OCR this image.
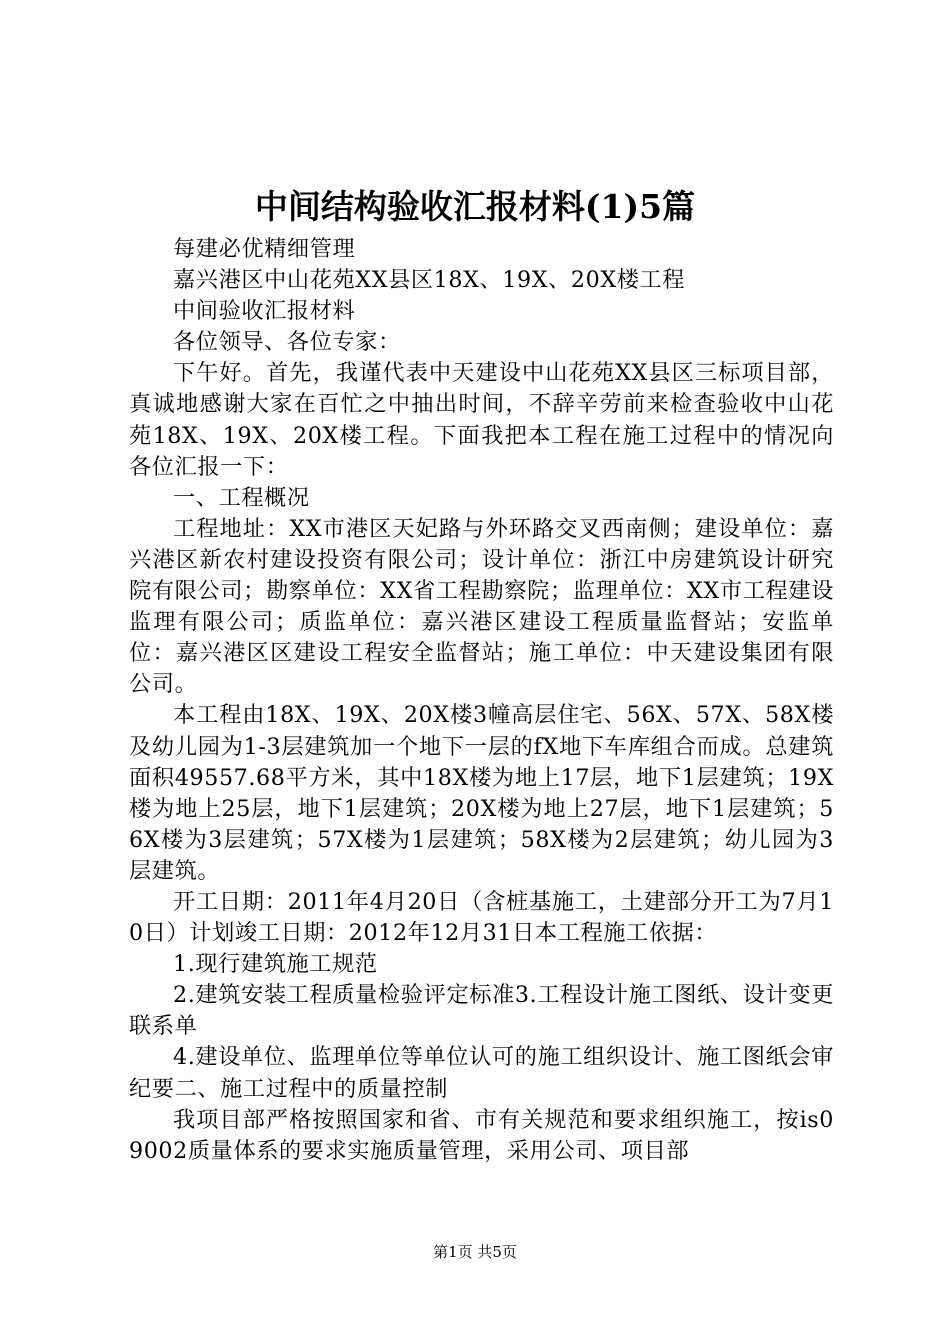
中间结构验收汇报材料(1)5篇

每建必优精细管理

嘉兴港区中山花苑XX县区18X、19X、20X楼工程

中间验收汇报材料

各位领导、各位专家：

下午好。首先，我谨代表中天建设中山花苑XX县区三标项目部，真诚地感谢大家在百忙之中抽出时间，不辞辛劳前来检查验收中山花苑18X、19X、20X楼工程。下面我把本工程在施工过程中的情况向各位汇报一下：

一、工程概况

工程地址：XX市港区天妃路与外环路交叉西南侧；建设单位：嘉兴港区新农村建设投资有限公司；设计单位：浙江中房建筑设计研究院有限公司；勘察单位：XX省工程勘察院；监理单位：XX市工程建设监理有限公司；质监单位：嘉兴港区建设工程质量监督站；安监单位：嘉兴港区区建设工程安全监督站；施工单位：中天建设集团有限公司。

本工程由18X、19X、20X楼3幢高层住宅、56X、57X、58X楼及幼儿园为1-3层建筑加一个地下一层的fX地下车库组合而成。总建筑面积49557.68平方米，其中18X楼为地上17层，地下1层建筑；19X楼为地上25层，地下1层建筑；20X楼为地上27层，地下1层建筑；56X楼为3层建筑；57X楼为1层建筑；58X楼为2层建筑；幼儿园为3层建筑。

开工日期：2011年4月20日（含桩基施工，土建部分开工为7月10日）计划竣工日期：2012年12月31日本工程施工依据：

1.现行建筑施工规范

2.建筑安装工程质量检验评定标准3.工程设计施工图纸、设计变更联系单

4.建设单位、监理单位等单位认可的施工组织设计、施工图纸会审纪要二、施工过程中的质量控制

我项目部严格按照国家和省、市有关规范和要求组织施工，按is09002质量体系的要求实施质量管理，采用公司、项目部

第1页 共5页
